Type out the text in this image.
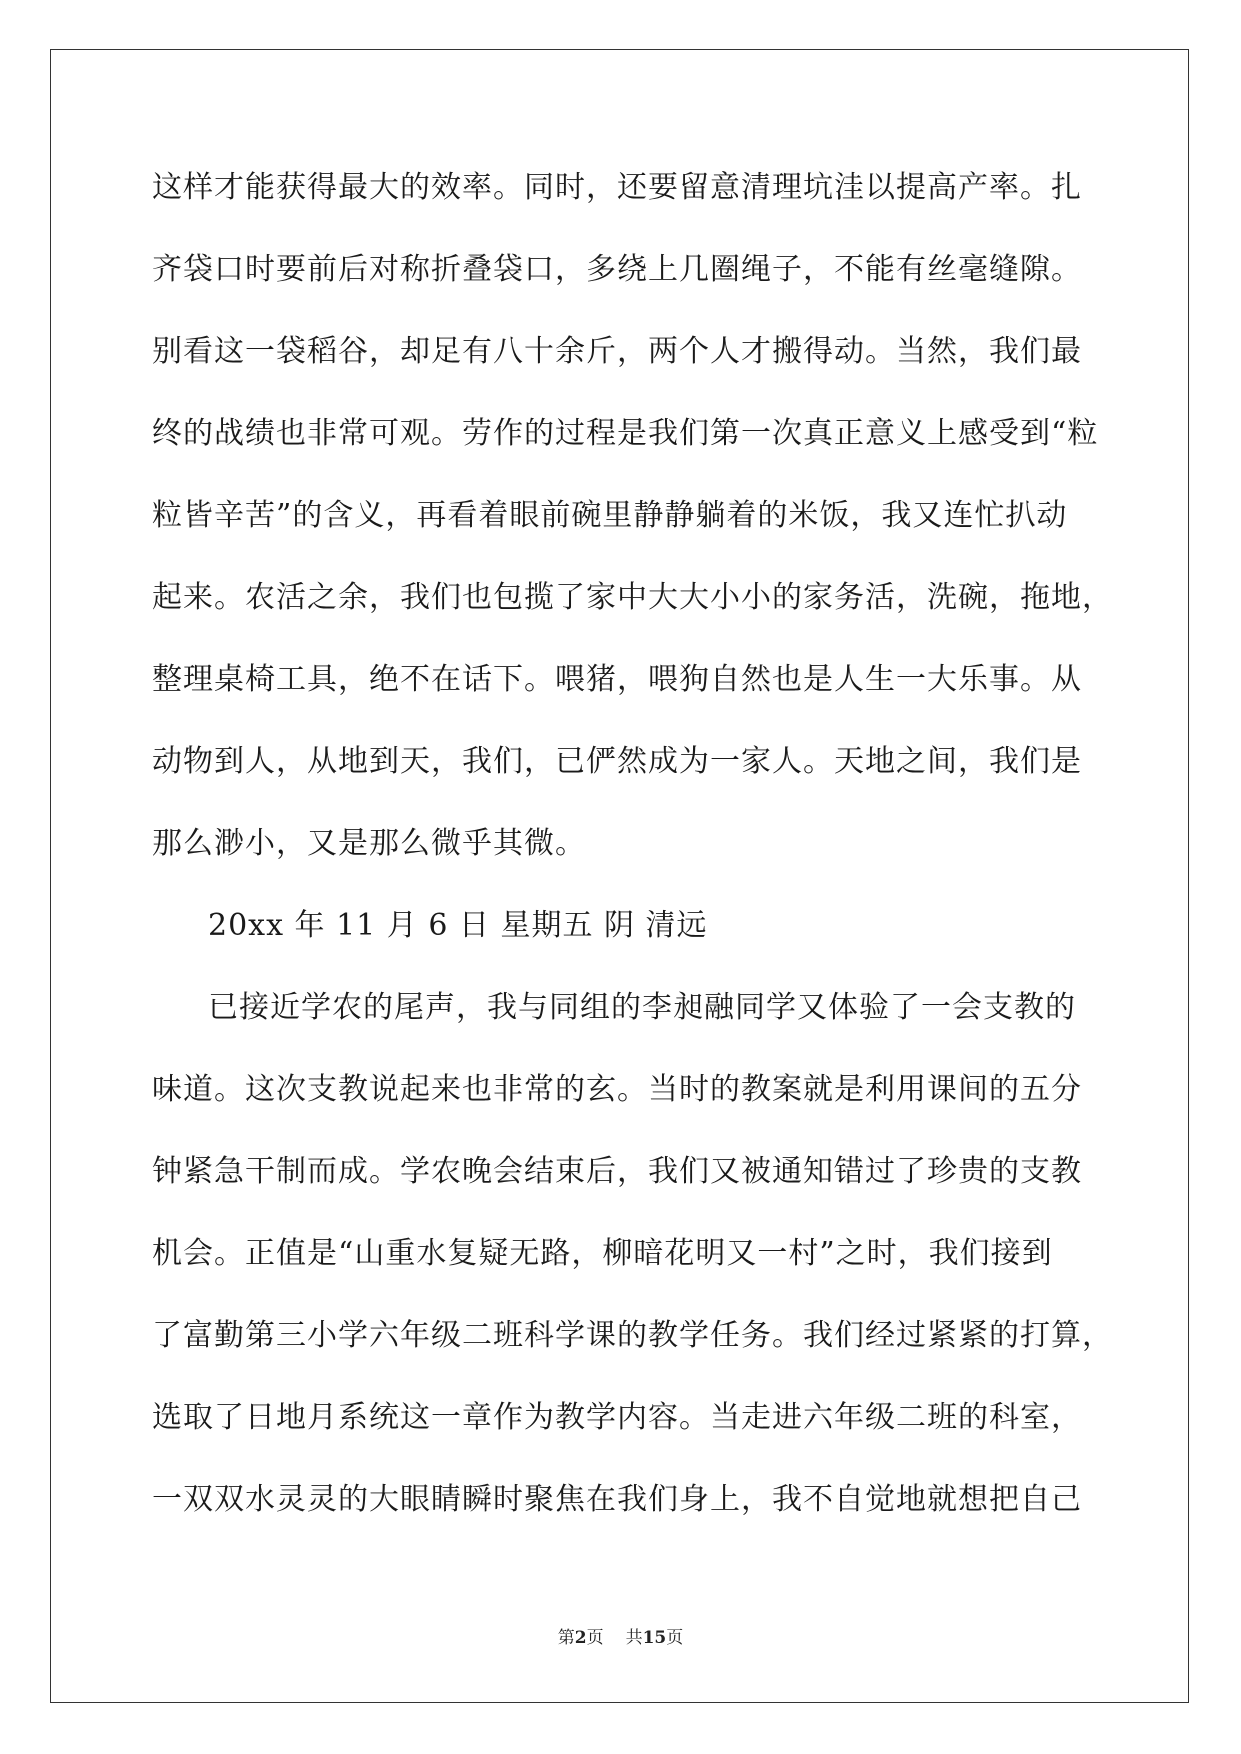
这样才能获得最大的效率。同时，还要留意清理坑洼以提高产率。扎
齐袋口时要前后对称折叠袋口，多绕上几圈绳子，不能有丝毫缝隙。
别看这一袋稻谷，却足有八十余斤，两个人才搬得动。当然，我们最
终的战绩也非常可观。劳作的过程是我们第一次真正意义上感受到“粒
粒皆辛苦”的含义，再看着眼前碗里静静躺着的米饭，我又连忙扒动
起来。农活之余，我们也包揽了家中大大小小的家务活，洗碗，拖地，
整理桌椅工具，绝不在话下。喂猪，喂狗自然也是人生一大乐事。从
动物到人，从地到天，我们，已俨然成为一家人。天地之间，我们是
那么渺小，又是那么微乎其微。
20xx 年 11 月 6 日 星期五 阴 清远
已接近学农的尾声，我与同组的李昶融同学又体验了一会支教的
味道。这次支教说起来也非常的玄。当时的教案就是利用课间的五分
钟紧急干制而成。学农晚会结束后，我们又被通知错过了珍贵的支教
机会。正值是“山重水复疑无路，柳暗花明又一村”之时，我们接到
了富勤第三小学六年级二班科学课的教学任务。我们经过紧紧的打算，
选取了日地月系统这一章作为教学内容。当走进六年级二班的科室，
一双双水灵灵的大眼睛瞬时聚焦在我们身上，我不自觉地就想把自己
第2页 共15页
